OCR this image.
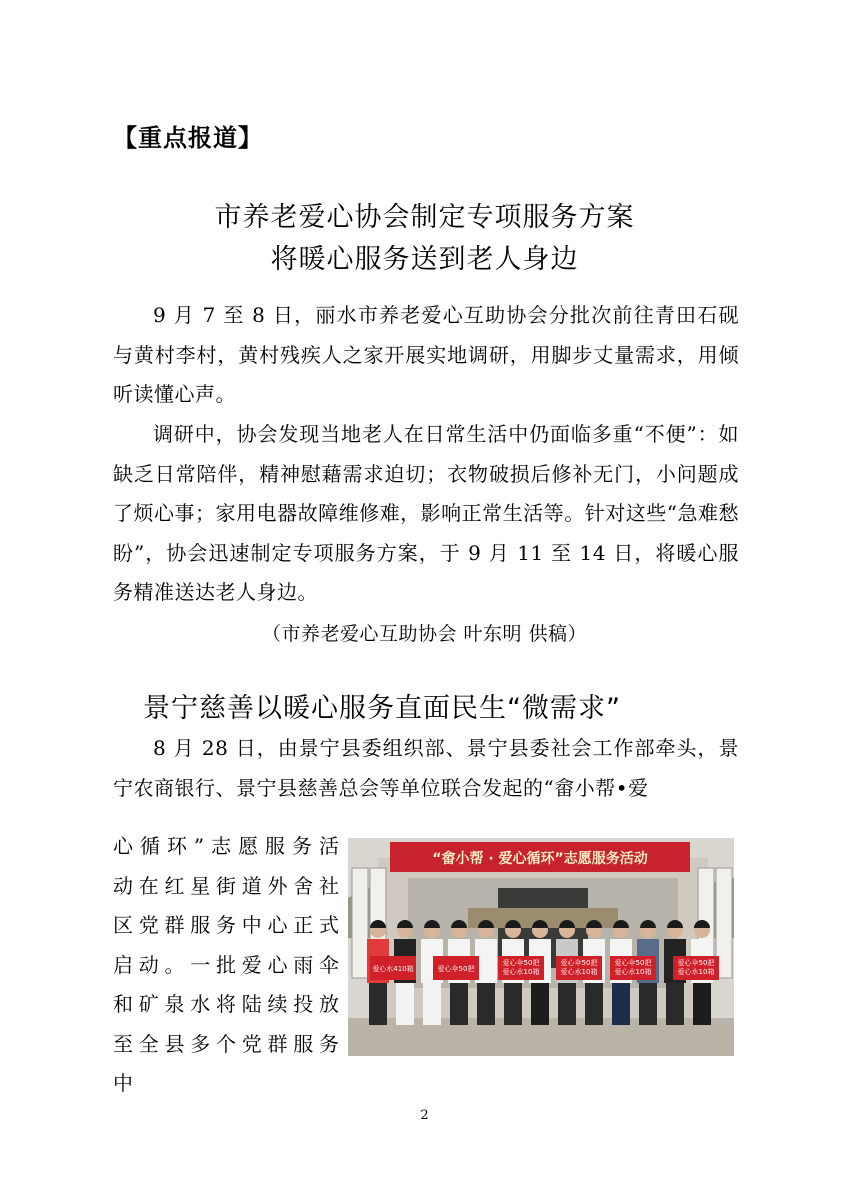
【重点报道】
市养老爱心协会制定专项服务方案
将暖心服务送到老人身边

9 月 7 至 8 日，丽水市养老爱心互助协会分批次前往青田石砚与黄村李村，黄村残疾人之家开展实地调研，用脚步丈量需求，用倾听读懂心声。

调研中，协会发现当地老人在日常生活中仍面临多重“不便”：如缺乏日常陪伴，精神慰藉需求迫切；衣物破损后修补无门，小问题成了烦心事；家用电器故障维修难，影响正常生活等。针对这些“急难愁盼”，协会迅速制定专项服务方案，于 9 月 11 至 14 日，将暖心服务精准送达老人身边。

（市养老爱心互助协会 叶东明 供稿）
景宁慈善以暖心服务直面民生“微需求”

8 月 28 日，由景宁县委组织部、景宁县委社会工作部牵头，景宁农商银行、景宁县慈善总会等单位联合发起的“畲小帮•爱

心循环”志愿服务活动在红星街道外舍社区党群服务中心正式启动。一批爱心雨伞和矿泉水将陆续投放至全县多个党群服务中

“畲小帮 · 爱心循环”志愿服务活动
爱心水410箱	爱心伞50把
爱心伞50把
爱心水10箱
爱心伞50把
爱心水10箱
爱心伞50把
爱心水10箱
爱心伞50把
爱心水10箱
2
